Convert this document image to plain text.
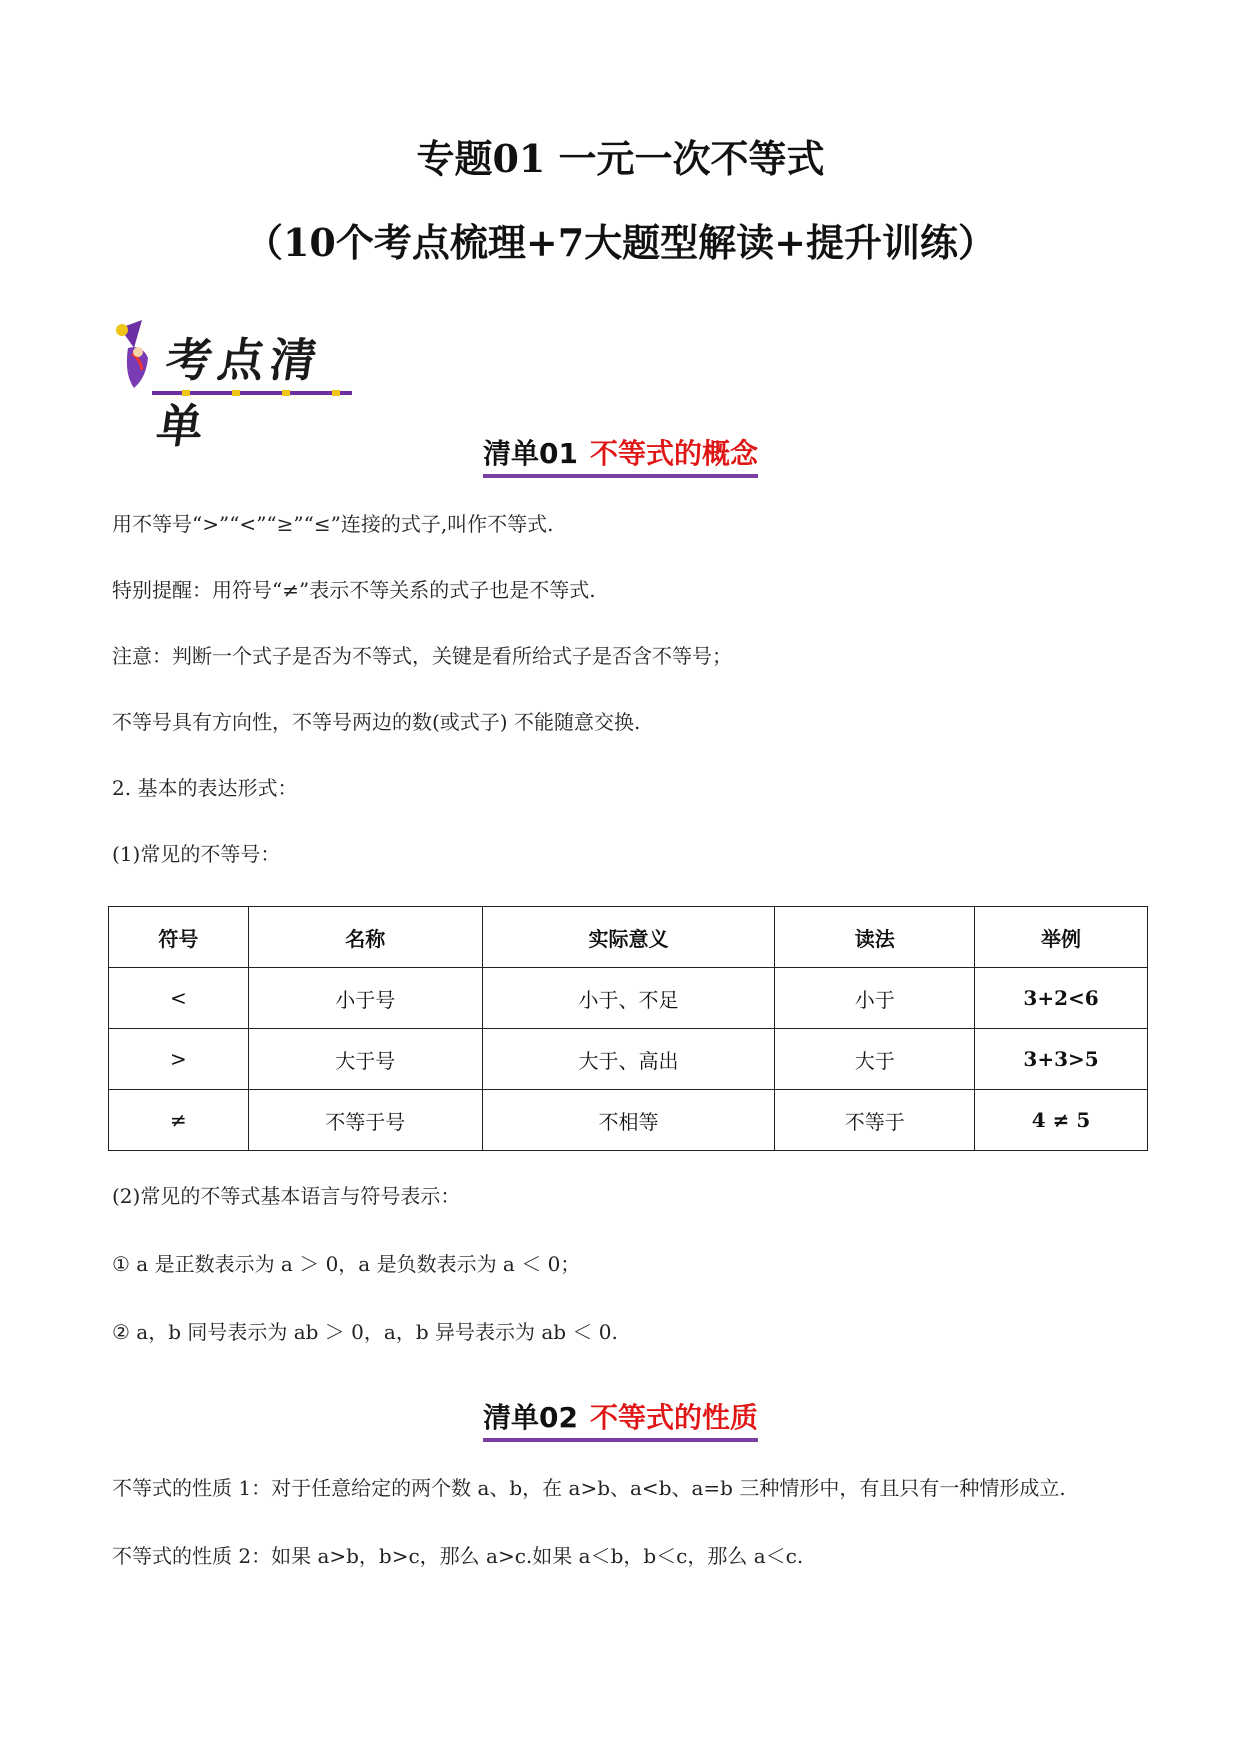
专题01 一元一次不等式
（10个考点梳理+7大题型解读+提升训练）
考点清单
清单01 不等式的概念
用不等号“>”“<”“≥”“≤”连接的式子,叫作不等式.
特别提醒：用符号“≠”表示不等关系的式子也是不等式.
注意：判断一个式子是否为不等式，关键是看所给式子是否含不等号；
不等号具有方向性，不等号两边的数(或式子) 不能随意交换.
2. 基本的表达形式：
(1)常见的不等号：
符号	名称	实际意义	读法	举例
<	小于号	小于、不足	小于	3+2<6
>	大于号	大于、高出	大于	3+3>5
≠	不等于号	不相等	不等于	4 ≠ 5
(2)常见的不等式基本语言与符号表示：
① a 是正数表示为 a ＞ 0，a 是负数表示为 a ＜ 0；
② a，b 同号表示为 ab ＞ 0，a，b 异号表示为 ab ＜ 0.
清单02 不等式的性质
不等式的性质 1：对于任意给定的两个数 a、b，在 a>b、a<b、a=b 三种情形中，有且只有一种情形成立.
不等式的性质 2：如果 a>b，b>c，那么 a>c.如果 a＜b，b＜c，那么 a＜c.
